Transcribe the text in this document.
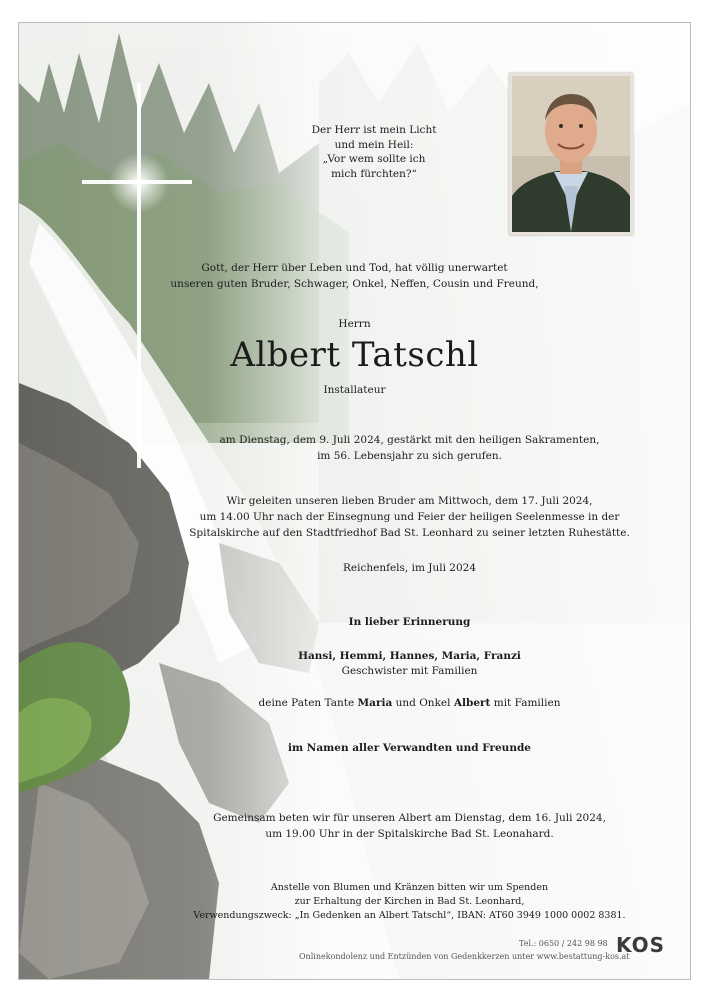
Der Herr ist mein Licht
und mein Heil:
„Vor wem sollte ich
mich fürchten?“
Gott, der Herr über Leben und Tod, hat völlig unerwartet
unseren guten Bruder, Schwager, Onkel, Neffen, Cousin und Freund,
Herrn
Albert Tatschl
Installateur
am Dienstag, dem 9. Juli 2024, gestärkt mit den heiligen Sakramenten,
im 56. Lebensjahr zu sich gerufen.
Wir geleiten unseren lieben Bruder am Mittwoch, dem 17. Juli 2024,
um 14.00 Uhr nach der Einsegnung und Feier der heiligen Seelenmesse in der
Spitalskirche auf den Stadtfriedhof Bad St. Leonhard zu seiner letzten Ruhestätte.
Reichenfels, im Juli 2024
In lieber Erinnerung
Hansi, Hemmi, Hannes, Maria, Franzi
Geschwister mit Familien
deine Paten Tante Maria und Onkel Albert mit Familien
im Namen aller Verwandten und Freunde
Gemeinsam beten wir für unseren Albert am Dienstag, dem 16. Juli 2024,
um 19.00 Uhr in der Spitalskirche Bad St. Leonahard.
Anstelle von Blumen und Kränzen bitten wir um Spenden
zur Erhaltung der Kirchen in Bad St. Leonhard,
Verwendungszweck: „In Gedenken an Albert Tatschl“, IBAN: AT60 3949 1000 0002 8381.
Tel.: 0650 / 242 98 98
Onlinekondolenz und Entzünden von Gedenkkerzen unter www.bestattung-kos.at
KOS
